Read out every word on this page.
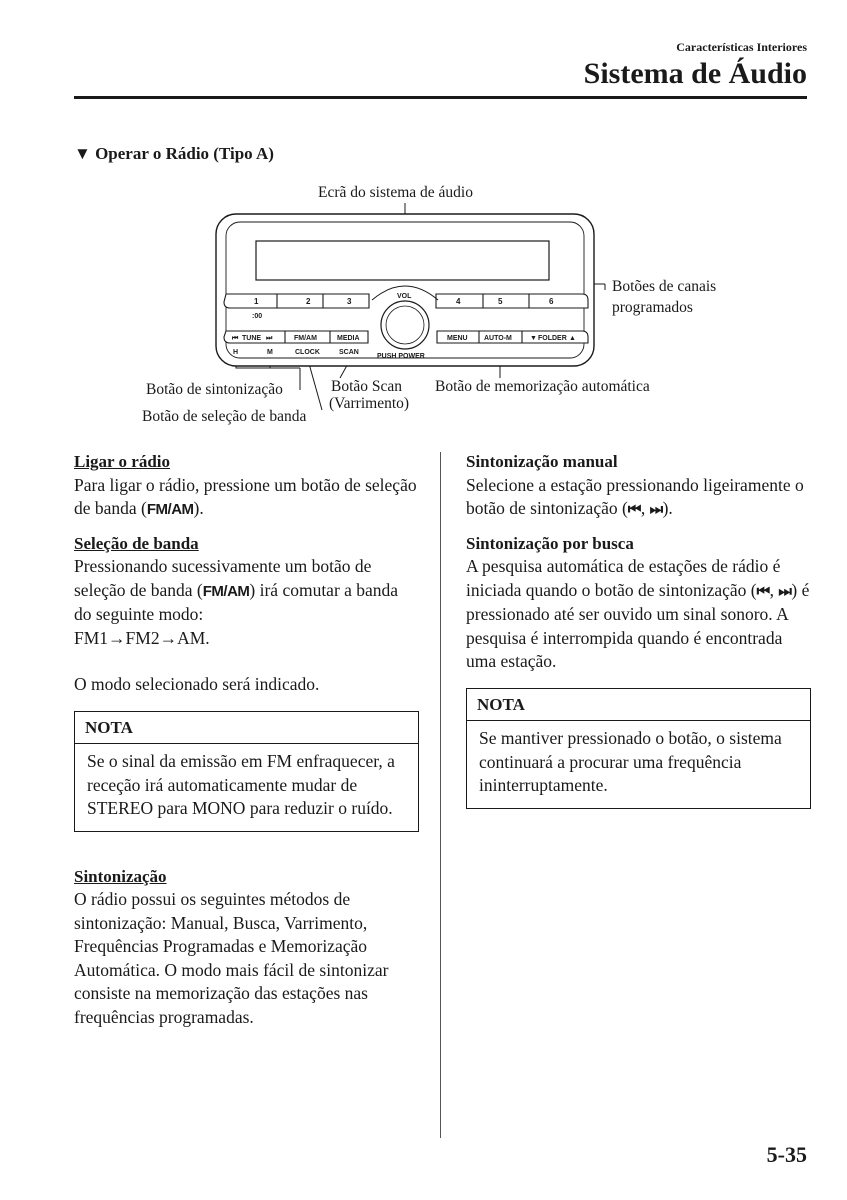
Características Interiores
Sistema de Áudio
▼ Operar o Rádio (Tipo A)
Ecrã do sistema de áudio
Botões de canais
programados
Botão de sintonização
Botão de seleção de banda
Botão Scan
(Varrimento)
Botão de memorização automática
1	2	3	4	5	6
:00
VOL
PUSH POWER
⏮ TUNE ⏭	FM/AM	MEDIA
H	M	CLOCK	SCAN
MENU AUTO-M	▼ FOLDER ▲

Ligar o rádio

Para ligar o rádio, pressione um botão de seleção de banda (FM/AM).

Seleção de banda

Pressionando sucessivamente um botão de seleção de banda (FM/AM) irá comutar a banda do seguinte modo:

FM1→FM2→AM.

O modo selecionado será indicado.

NOTA
Se o sinal da emissão em FM enfraquecer, a receção irá automaticamente mudar de STEREO para MONO para reduzir o ruído.

Sintonização

O rádio possui os seguintes métodos de sintonização: Manual, Busca, Varrimento, Frequências Programadas e Memorização Automática. O modo mais fácil de sintonizar consiste na memorização das estações nas frequências programadas.

Sintonização manual

Selecione a estação pressionando ligeiramente o botão de sintonização (⏮, ⏭).

Sintonização por busca

A pesquisa automática de estações de rádio é iniciada quando o botão de sintonização (⏮, ⏭) é pressionado até ser ouvido um sinal sonoro. A pesquisa é interrompida quando é encontrada uma estação.

NOTA
Se mantiver pressionado o botão, o sistema continuará a procurar uma frequência ininterruptamente.
5-35
